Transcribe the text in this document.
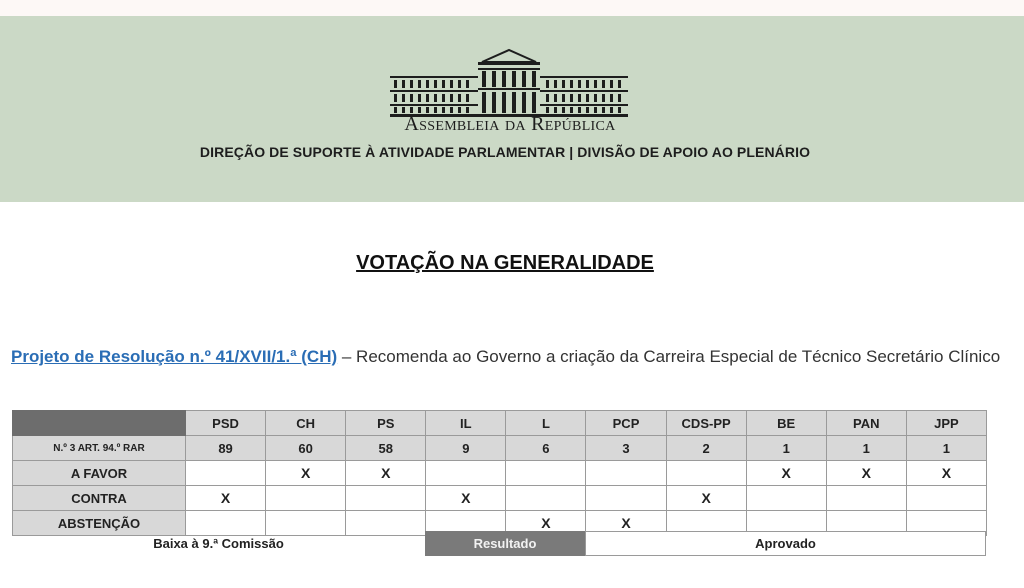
Assembleia da República
DIREÇÃO DE SUPORTE À ATIVIDADE PARLAMENTAR | DIVISÃO DE APOIO AO PLENÁRIO
VOTAÇÃO NA GENERALIDADE
Projeto de Resolução n.º 41/XVII/1.ª (CH) – Recomenda ao Governo a criação da Carreira Especial de Técnico Secretário Clínico
	PSD	CH	PS	IL	L	PCP	CDS-PP	BE	PAN	JPP
N.º 3 ART. 94.º RAR	89	60	58	9	6	3	2	1	1	1
A FAVOR		X	X					X	X	X
CONTRA	X			X			X			
ABSTENÇÃO					X	X				
Baixa à 9.ª Comissão	Resultado	Aprovado
